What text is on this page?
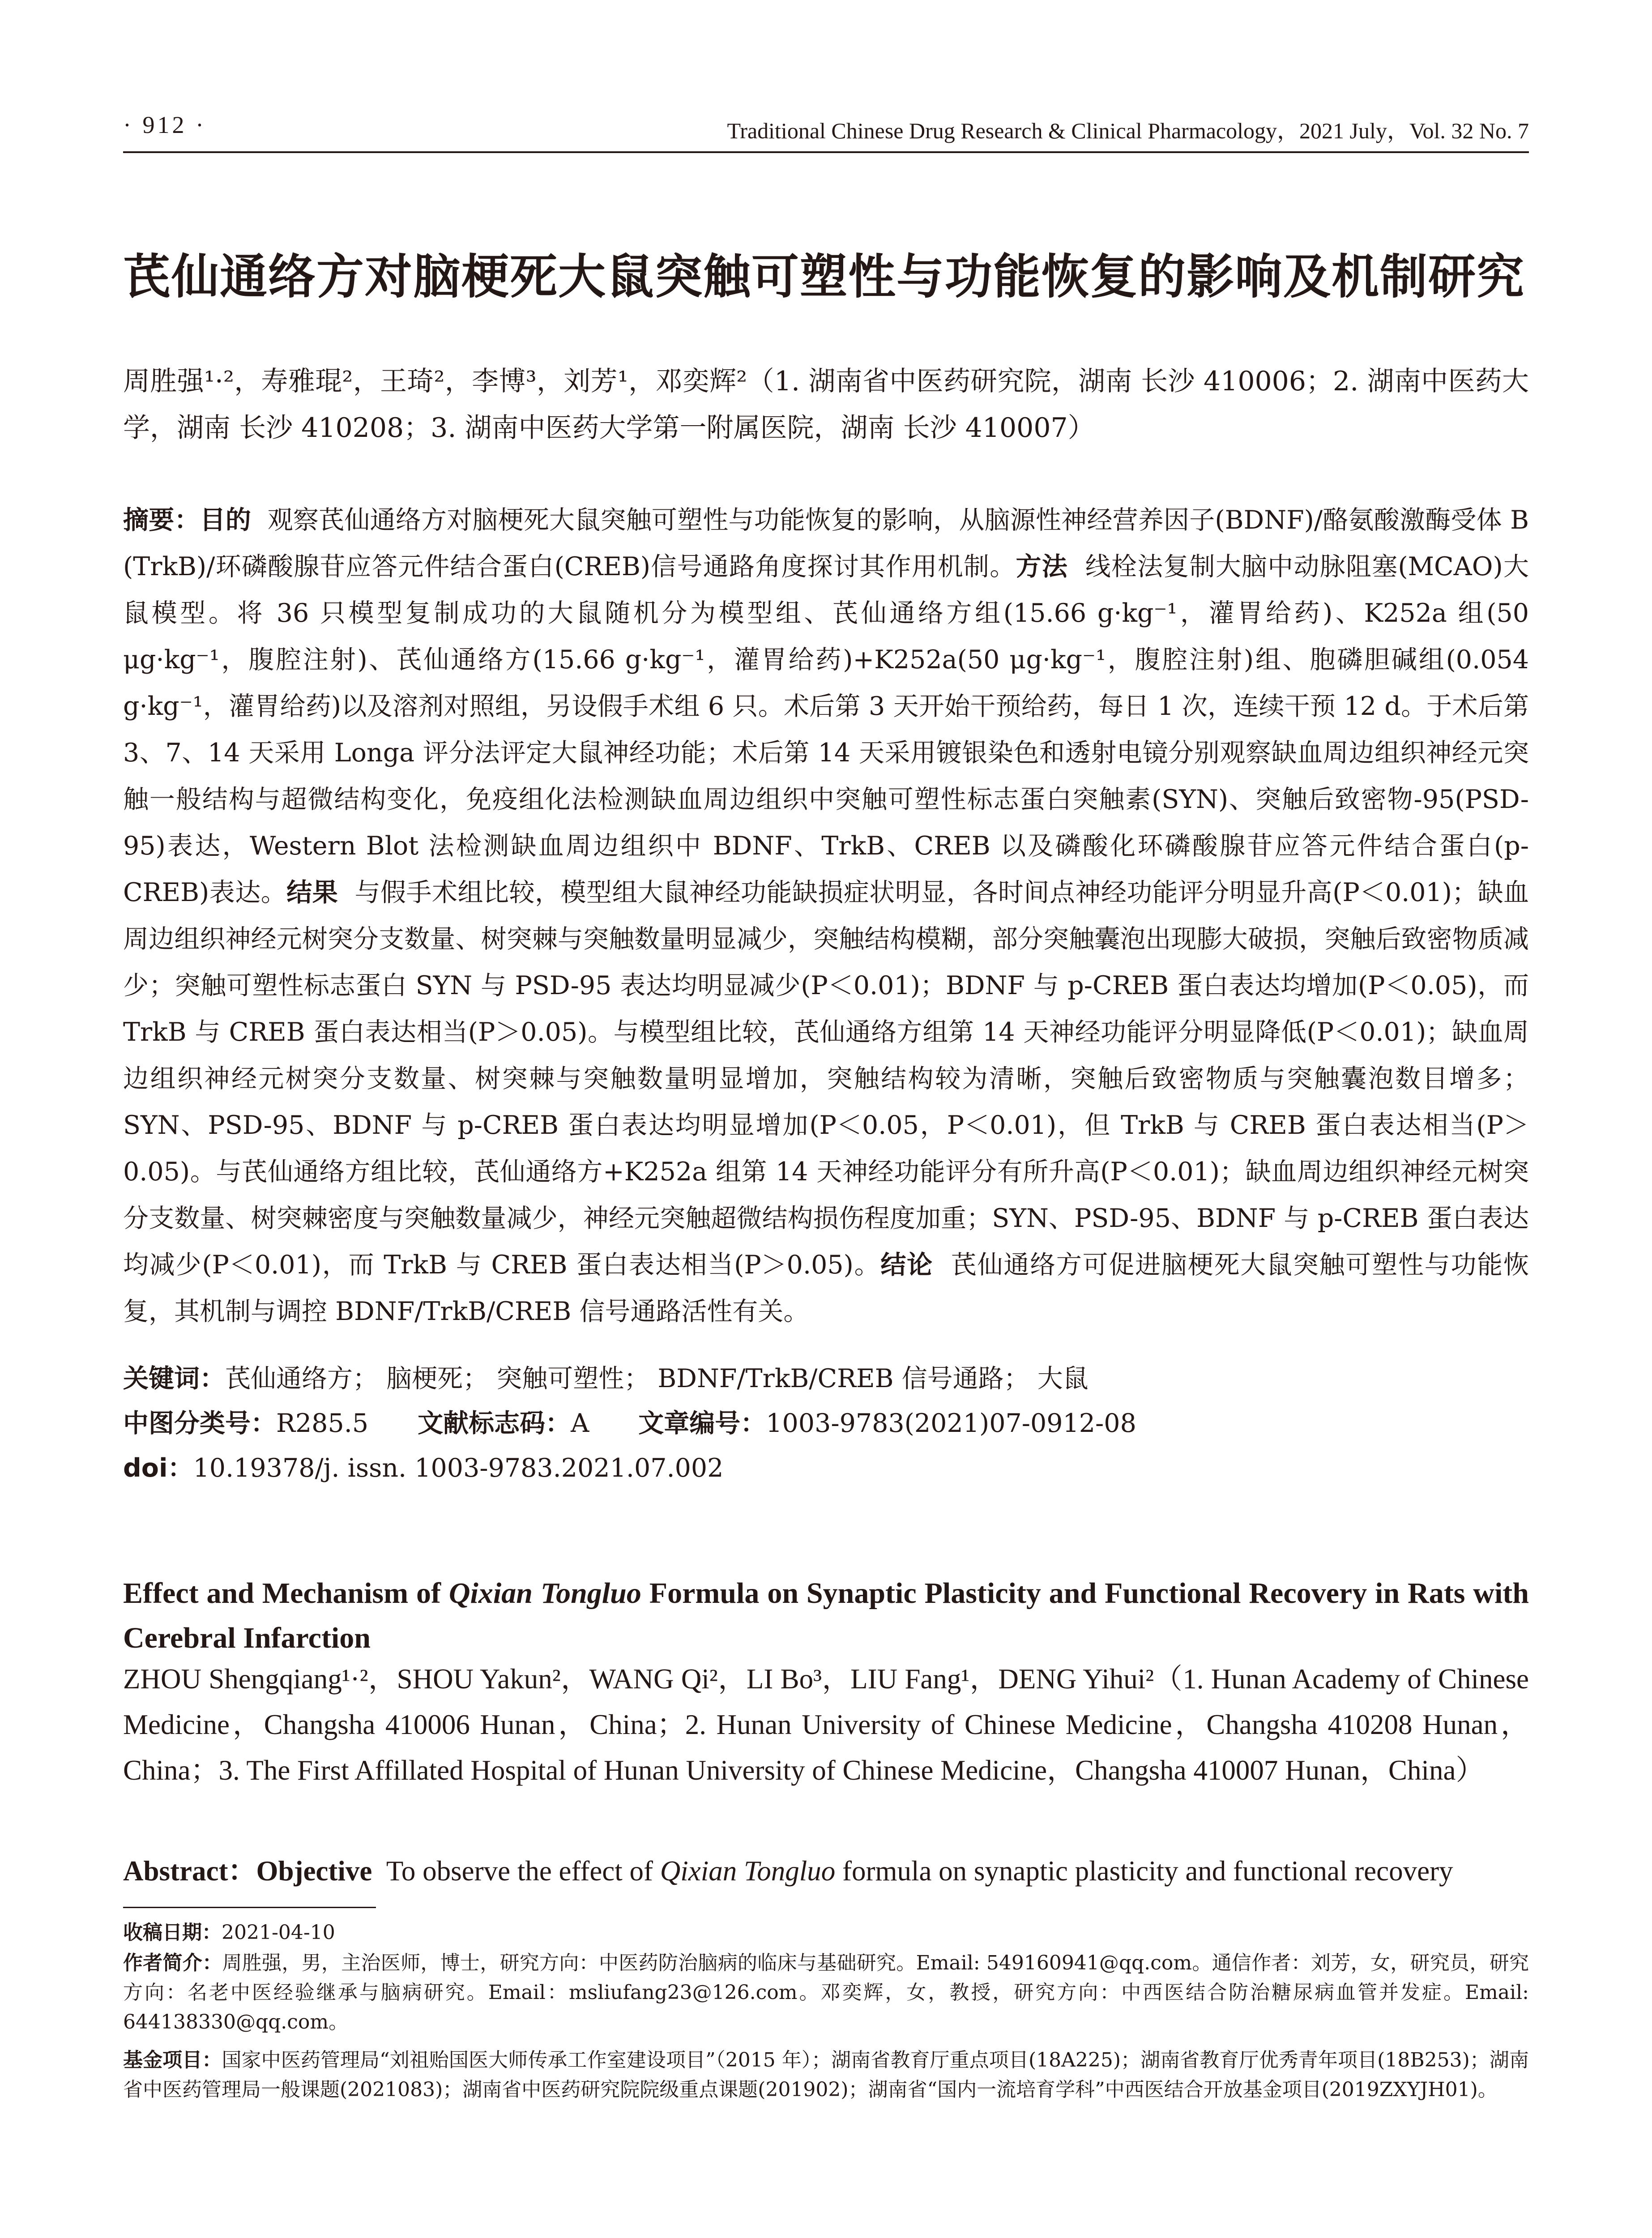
· 912 ·	Traditional Chinese Drug Research & Clinical Pharmacology，2021 July，Vol. 32 No. 7
芪仙通络方对脑梗死大鼠突触可塑性与功能恢复的影响及机制研究
周胜强¹·²，寿雅琨²，王琦²，李博³，刘芳¹，邓奕辉²（1. 湖南省中医药研究院，湖南 长沙 410006；2. 湖南中医药大学，湖南 长沙 410208；3. 湖南中医药大学第一附属医院，湖南 长沙 410007）
摘要：目的 观察芪仙通络方对脑梗死大鼠突触可塑性与功能恢复的影响，从脑源性神经营养因子(BDNF)/酪氨酸激酶受体 B (TrkB)/环磷酸腺苷应答元件结合蛋白(CREB)信号通路角度探讨其作用机制。方法 线栓法复制大脑中动脉阻塞(MCAO)大鼠模型。将 36 只模型复制成功的大鼠随机分为模型组、芪仙通络方组(15.66 g·kg⁻¹，灌胃给药)、K252a 组(50 μg·kg⁻¹，腹腔注射)、芪仙通络方(15.66 g·kg⁻¹，灌胃给药)+K252a(50 μg·kg⁻¹，腹腔注射)组、胞磷胆碱组(0.054 g·kg⁻¹，灌胃给药)以及溶剂对照组，另设假手术组 6 只。术后第 3 天开始干预给药，每日 1 次，连续干预 12 d。于术后第 3、7、14 天采用 Longa 评分法评定大鼠神经功能；术后第 14 天采用镀银染色和透射电镜分别观察缺血周边组织神经元突触一般结构与超微结构变化，免疫组化法检测缺血周边组织中突触可塑性标志蛋白突触素(SYN)、突触后致密物-95(PSD-95)表达，Western Blot 法检测缺血周边组织中 BDNF、TrkB、CREB 以及磷酸化环磷酸腺苷应答元件结合蛋白(p-CREB)表达。结果 与假手术组比较，模型组大鼠神经功能缺损症状明显，各时间点神经功能评分明显升高(P＜0.01)；缺血周边组织神经元树突分支数量、树突棘与突触数量明显减少，突触结构模糊，部分突触囊泡出现膨大破损，突触后致密物质减少；突触可塑性标志蛋白 SYN 与 PSD-95 表达均明显减少(P＜0.01)；BDNF 与 p-CREB 蛋白表达均增加(P＜0.05)，而 TrkB 与 CREB 蛋白表达相当(P＞0.05)。与模型组比较，芪仙通络方组第 14 天神经功能评分明显降低(P＜0.01)；缺血周边组织神经元树突分支数量、树突棘与突触数量明显增加，突触结构较为清晰，突触后致密物质与突触囊泡数目增多；SYN、PSD-95、BDNF 与 p-CREB 蛋白表达均明显增加(P＜0.05，P＜0.01)，但 TrkB 与 CREB 蛋白表达相当(P＞0.05)。与芪仙通络方组比较，芪仙通络方+K252a 组第 14 天神经功能评分有所升高(P＜0.01)；缺血周边组织神经元树突分支数量、树突棘密度与突触数量减少，神经元突触超微结构损伤程度加重；SYN、PSD-95、BDNF 与 p-CREB 蛋白表达均减少(P＜0.01)，而 TrkB 与 CREB 蛋白表达相当(P＞0.05)。结论 芪仙通络方可促进脑梗死大鼠突触可塑性与功能恢复，其机制与调控 BDNF/TrkB/CREB 信号通路活性有关。
关键词：芪仙通络方； 脑梗死； 突触可塑性； BDNF/TrkB/CREB 信号通路； 大鼠
中图分类号：R285.5 文献标志码：A 文章编号：1003-9783(2021)07-0912-08
doi：10.19378/j. issn. 1003-9783.2021.07.002
Effect and Mechanism of Qixian Tongluo Formula on Synaptic Plasticity and Functional Recovery in Rats with Cerebral Infarction
ZHOU Shengqiang¹·²，SHOU Yakun²，WANG Qi²，LI Bo³，LIU Fang¹，DENG Yihui²（1. Hunan Academy of Chinese Medicine，Changsha 410006 Hunan，China；2. Hunan University of Chinese Medicine，Changsha 410208 Hunan，China；3. The First Affillated Hospital of Hunan University of Chinese Medicine，Changsha 410007 Hunan，China）
Abstract：Objective To observe the effect of Qixian Tongluo formula on synaptic plasticity and functional recovery
收稿日期：2021-04-10
作者简介：周胜强，男，主治医师，博士，研究方向：中医药防治脑病的临床与基础研究。Email: 549160941@qq.com。通信作者：刘芳，女，研究员，研究方向：名老中医经验继承与脑病研究。Email：msliufang23@126.com。邓奕辉，女，教授，研究方向：中西医结合防治糖尿病血管并发症。Email: 644138330@qq.com。
基金项目：国家中医药管理局“刘祖贻国医大师传承工作室建设项目”（2015 年）；湖南省教育厅重点项目(18A225)；湖南省教育厅优秀青年项目(18B253)；湖南省中医药管理局一般课题(2021083)；湖南省中医药研究院院级重点课题(201902)；湖南省“国内一流培育学科”中西医结合开放基金项目(2019ZXYJH01)。
